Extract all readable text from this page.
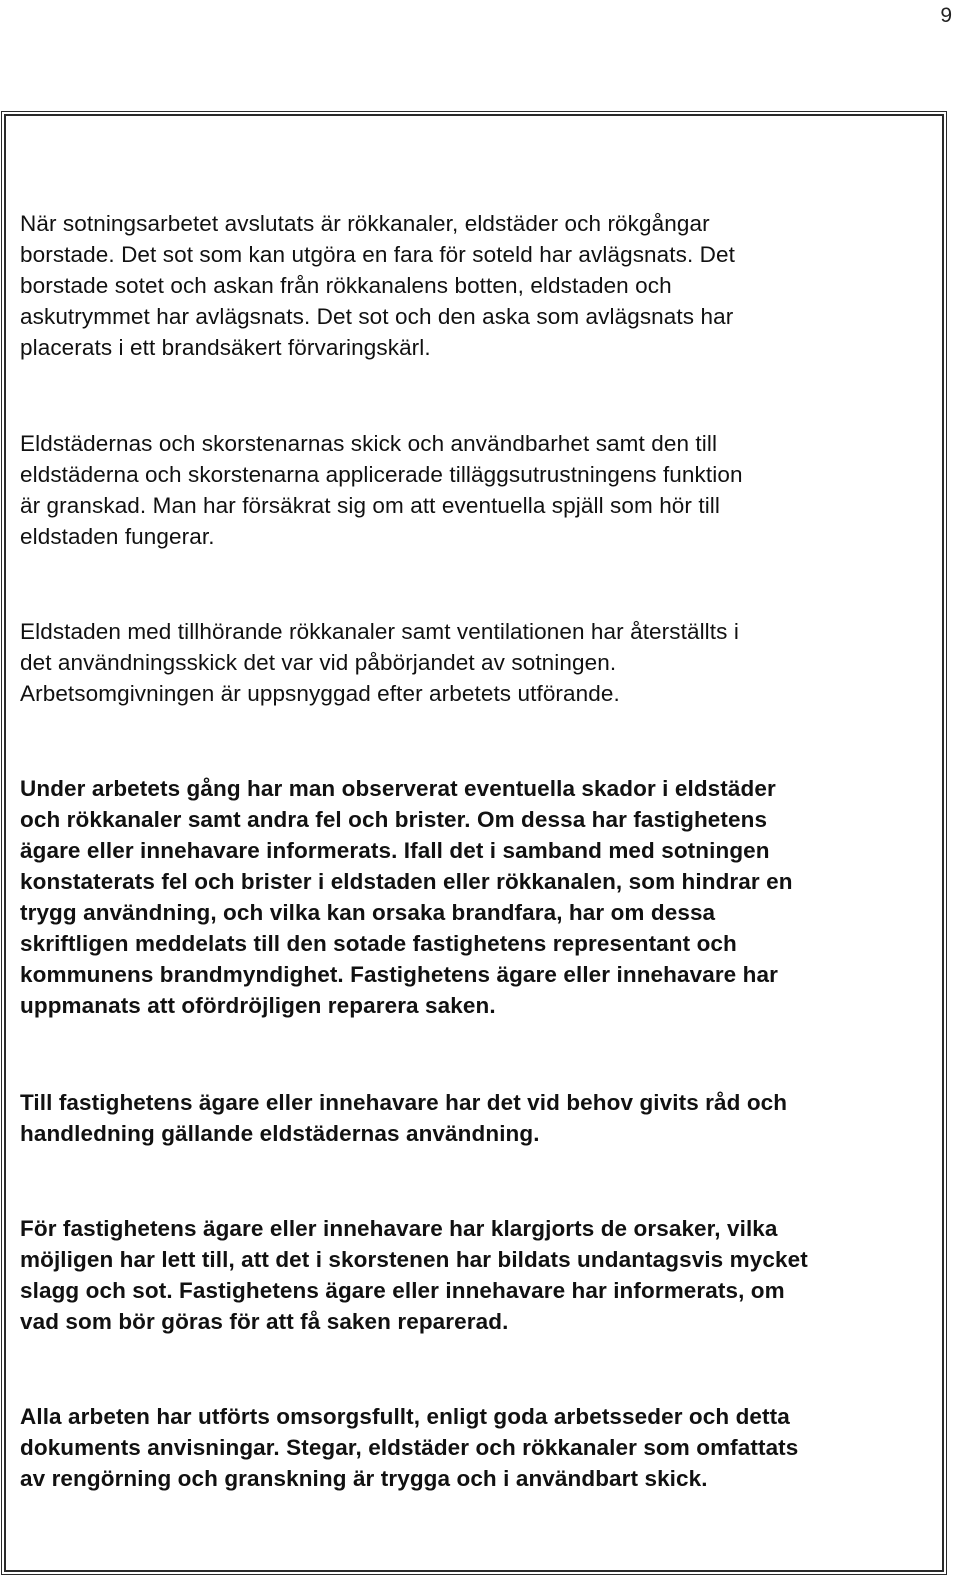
9

När sotningsarbetet avslutats är rökkanaler, eldstäder och rökgångar
borstade. Det sot som kan utgöra en fara för soteld har avlägsnats. Det
borstade sotet och askan från rökkanalens botten, eldstaden och
askutrymmet har avlägsnats. Det sot och den aska som avlägsnats har
placerats i ett brandsäkert förvaringskärl.

Eldstädernas och skorstenarnas skick och användbarhet samt den till
eldstäderna och skorstenarna applicerade tilläggsutrustningens funktion
är granskad. Man har försäkrat sig om att eventuella spjäll som hör till
eldstaden fungerar.

Eldstaden med tillhörande rökkanaler samt ventilationen har återställts i
det användningsskick det var vid påbörjandet av sotningen.
Arbetsomgivningen är uppsnyggad efter arbetets utförande.

Under arbetets gång har man observerat eventuella skador i eldstäder
och rökkanaler samt andra fel och brister. Om dessa har fastighetens
ägare eller innehavare informerats. Ifall det i samband med sotningen
konstaterats fel och brister i eldstaden eller rökkanalen, som hindrar en
trygg användning, och vilka kan orsaka brandfara, har om dessa
skriftligen meddelats till den sotade fastighetens representant och
kommunens brandmyndighet. Fastighetens ägare eller innehavare har
uppmanats att ofördröjligen reparera saken.

Till fastighetens ägare eller innehavare har det vid behov givits råd och
handledning gällande eldstädernas användning.

För fastighetens ägare eller innehavare har klargjorts de orsaker, vilka
möjligen har lett till, att det i skorstenen har bildats undantagsvis mycket
slagg och sot. Fastighetens ägare eller innehavare har informerats, om
vad som bör göras för att få saken reparerad.

Alla arbeten har utförts omsorgsfullt, enligt goda arbetsseder och detta
dokuments anvisningar. Stegar, eldstäder och rökkanaler som omfattats
av rengörning och granskning är trygga och i användbart skick.
